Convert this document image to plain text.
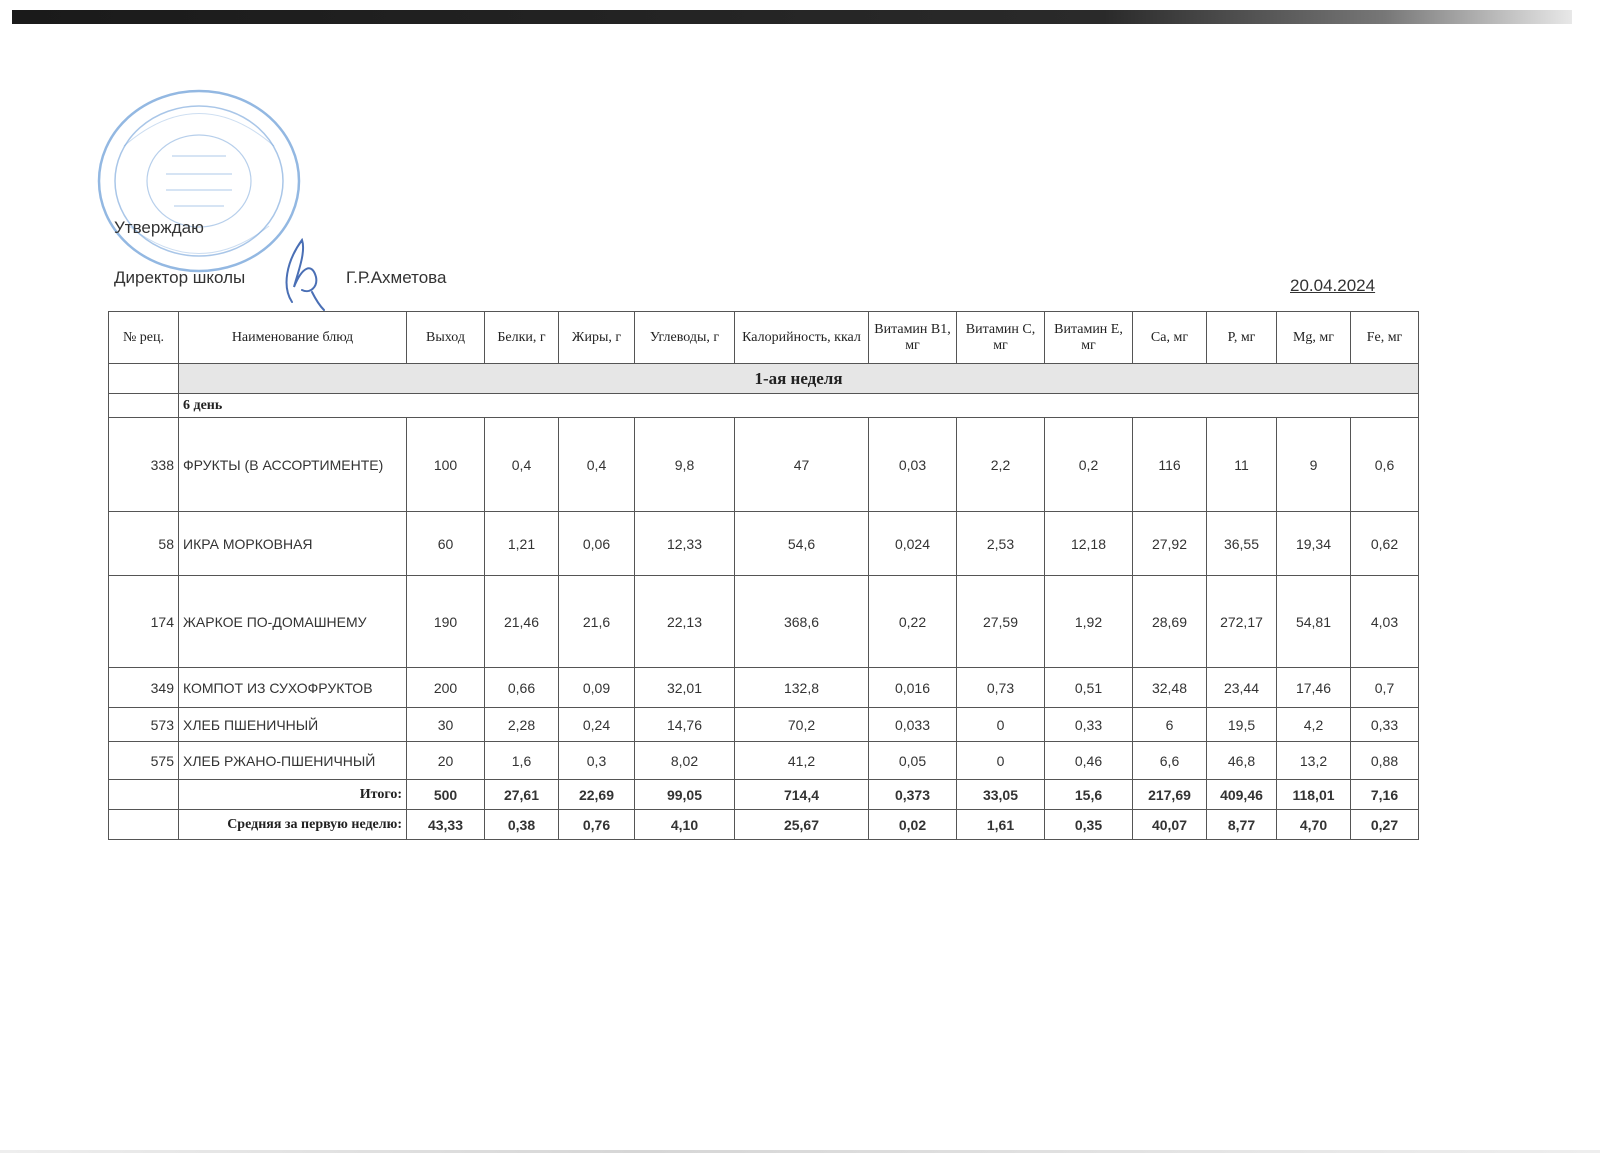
Утверждаю
Директор школы	Г.Р.Ахметова	20.04.2024
№ рец.	Наименование блюд	Выход	Белки, г	Жиры, г	Углеводы, г	Калорийность, ккал	Витамин В1, мг	Витамин С, мг	Витамин Е, мг	Ca, мг	P, мг	Mg, мг	Fe, мг
	1-ая неделя												
	6 день												
338	ФРУКТЫ (В АССОРТИМЕНТЕ)	100	0,4	0,4	9,8	47	0,03	2,2	0,2	116	11	9	0,6
58	ИКРА МОРКОВНАЯ	60	1,21	0,06	12,33	54,6	0,024	2,53	12,18	27,92	36,55	19,34	0,62
174	ЖАРКОЕ ПО-ДОМАШНЕМУ	190	21,46	21,6	22,13	368,6	0,22	27,59	1,92	28,69	272,17	54,81	4,03
349	КОМПОТ ИЗ СУХОФРУКТОВ	200	0,66	0,09	32,01	132,8	0,016	0,73	0,51	32,48	23,44	17,46	0,7
573	ХЛЕБ ПШЕНИЧНЫЙ	30	2,28	0,24	14,76	70,2	0,033	0	0,33	6	19,5	4,2	0,33
575	ХЛЕБ РЖАНО-ПШЕНИЧНЫЙ	20	1,6	0,3	8,02	41,2	0,05	0	0,46	6,6	46,8	13,2	0,88
	Итого:	500	27,61	22,69	99,05	714,4	0,373	33,05	15,6	217,69	409,46	118,01	7,16
	Средняя за первую неделю:	43,33	0,38	0,76	4,10	25,67	0,02	1,61	0,35	40,07	8,77	4,70	0,27
